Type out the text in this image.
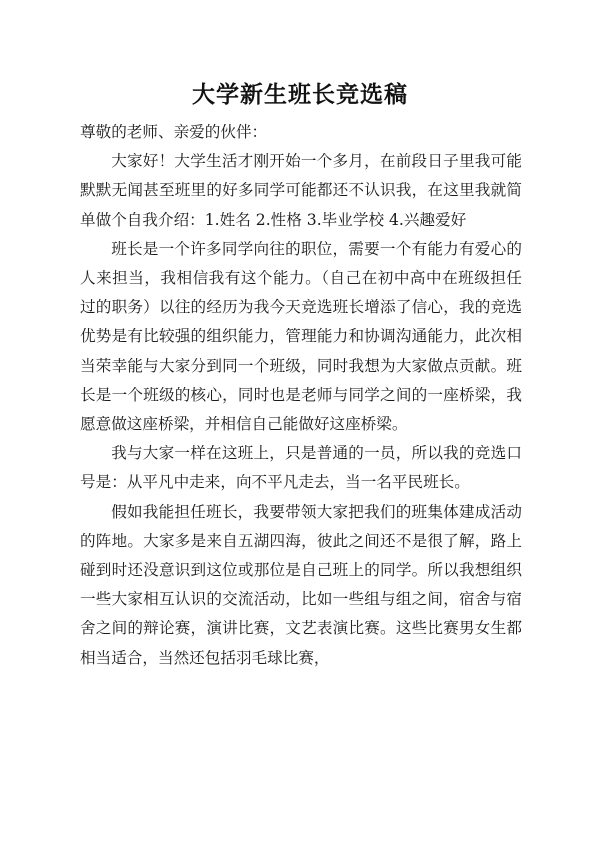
大学新生班长竞选稿

尊敬的老师、亲爱的伙伴：

大家好！大学生活才刚开始一个多月，在前段日子里我可能默默无闻甚至班里的好多同学可能都还不认识我，在这里我就简单做个自我介绍：1.姓名 2.性格 3.毕业学校 4.兴趣爱好

班长是一个许多同学向往的职位，需要一个有能力有爱心的人来担当，我相信我有这个能力。（自己在初中高中在班级担任过的职务）以往的经历为我今天竞选班长增添了信心，我的竞选优势是有比较强的组织能力，管理能力和协调沟通能力，此次相当荣幸能与大家分到同一个班级，同时我想为大家做点贡献。班长是一个班级的核心，同时也是老师与同学之间的一座桥梁，我愿意做这座桥梁，并相信自己能做好这座桥梁。

我与大家一样在这班上，只是普通的一员，所以我的竞选口号是：从平凡中走来，向不平凡走去，当一名平民班长。

假如我能担任班长，我要带领大家把我们的班集体建成活动的阵地。大家多是来自五湖四海，彼此之间还不是很了解，路上碰到时还没意识到这位或那位是自己班上的同学。所以我想组织一些大家相互认识的交流活动，比如一些组与组之间，宿舍与宿舍之间的辩论赛，演讲比赛，文艺表演比赛。这些比赛男女生都相当适合，当然还包括羽毛球比赛，
